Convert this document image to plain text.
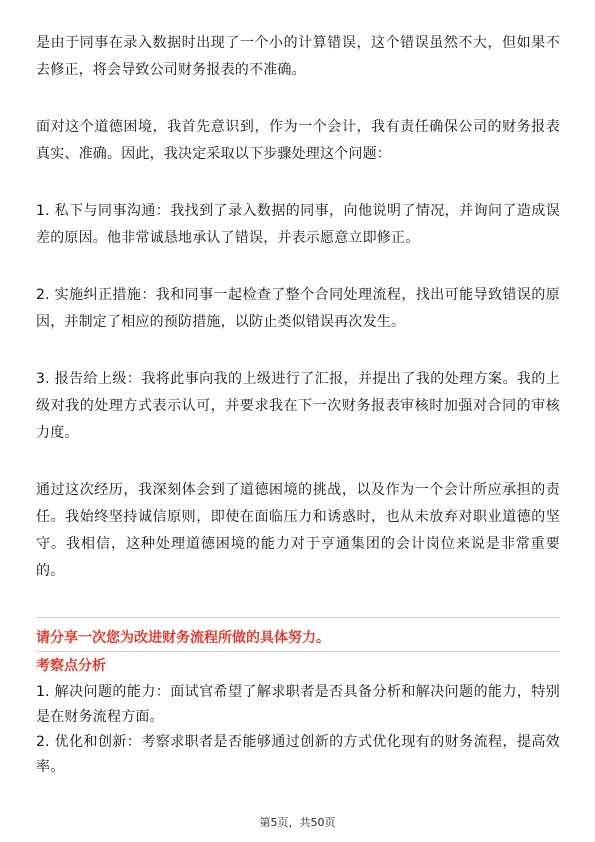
是由于同事在录入数据时出现了一个小的计算错误，这个错误虽然不大，但如果不去修正，将会导致公司财务报表的不准确。

面对这个道德困境，我首先意识到，作为一个会计，我有责任确保公司的财务报表真实、准确。因此，我决定采取以下步骤处理这个问题：

1. 私下与同事沟通：我找到了录入数据的同事，向他说明了情况，并询问了造成误差的原因。他非常诚恳地承认了错误，并表示愿意立即修正。

2. 实施纠正措施：我和同事一起检查了整个合同处理流程，找出可能导致错误的原因，并制定了相应的预防措施，以防止类似错误再次发生。

3. 报告给上级：我将此事向我的上级进行了汇报，并提出了我的处理方案。我的上级对我的处理方式表示认可，并要求我在下一次财务报表审核时加强对合同的审核力度。

通过这次经历，我深刻体会到了道德困境的挑战，以及作为一个会计所应承担的责任。我始终坚持诚信原则，即使在面临压力和诱惑时，也从未放弃对职业道德的坚守。我相信，这种处理道德困境的能力对于亨通集团的会计岗位来说是非常重要的。

请分享一次您为改进财务流程所做的具体努力。

考察点分析

1. 解决问题的能力：面试官希望了解求职者是否具备分析和解决问题的能力，特别是在财务流程方面。

2. 优化和创新：考察求职者是否能够通过创新的方式优化现有的财务流程，提高效率。

第5页，共50页
